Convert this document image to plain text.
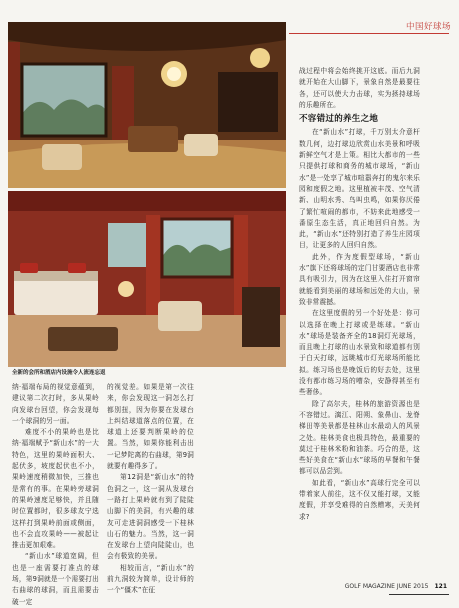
中国好球场
全新的会所和酒店内设施令人流连忘返

纳·福端布局的视觉意蕴到，建议第二次打时，多从果岭向发球台回望，你会发现每一个球洞的另一面。

难度不小的果岭也是比纳·福端赋予“新山水”的一大特色，这里的果岭面积大、起伏多，坡度起伏也不小，果岭速度稍微加快，三推也是常有的事。在果岭旁球洞的果岭速度足够快，并且随时位置都时，很多球友宁选这样打到果岭前面或侧面，也不会直攻果岭——被起让推击更加艰难。

“新山水”球道宽阔，但也是一座需要打准点的球场，第9洞就是一个需要打出右曲球的球洞，而且需要击破一定

的视觉差。如果是第一次往来，你会发现这一洞怎么打都别扭，因为你要在发球台上纠结球道落点的位置，在球道上还要判断果岭的位置。当然，如果你能利击出一记梦陀离的右曲球，第9洞就要有趣得多了。

第12洞是“新山水”的特色洞之一，这一洞从发球台一路打上果岭就有到了陡陡山脚下的美洞，有兴趣的球友可走进洞洞感受一下桂林山石的魅力。当然，这一洞在发球台上望向陡陡山，也会有极致的美景。

相较而言，“新山水”的前九洞较为简单，设计师的一个“僵术”在征

战过程中将会始终挑开这底。而后九洞就开始在大山脚下，景象自然是最要往各，还可以使大力击球，实为拯持球场的乐趣所在。

不容错过的养生之地

在“新山水”打球，千万别太介意杆数几何，边打球边欣赏山水美景和呼吸新鲜空气才是上策。相比大都市的一些只提供打球和商务的城市球场，“新山水”是一处享了城市喧嚣奔打的鬼尔来乐园和度假之地。这里植被丰茂、空气清新、山明水秀、鸟叫虫鸣，如果你厌倦了繁忙喧闹的都市，不妨来此地感受一番原生态生活，真正地回归自然。为此，“新山水”还特别打造了养生庄园项目，让更多的人回归自然。

此外，作为度假型球场，“新山水”旗下还将球场的定门甘要酒店也非常具有吸引力，因为在这里入住打开窗帘就能看到美丽的球场和远处的大山，景致非常震撼。

在这里度假的另一个好处是：你可以选择在晚上打球或是练球。“新山水”球场是装备齐全的18洞灯光球场，而且晚上打球的山水景致和球道都有别于白天打球，远眺城市灯光球场所能比拟。练习场也是晚饭后的好去处，这里没有都市练习场的嘈杂，安静得甚至有些奢侈。

除了高尔夫，桂林的旅游资源也是不容错过。漓江、阳朔、象鼻山、龙脊梯田等美景都是桂林山水最动人的风景之处。桂林美食也极具特色，最重要的莫过于桂林米粉和油茶。巧合的是，这些好美食在“新山水”球场的早餐和午餐都可以品尝到。

如此看，“新山水”高球行完全可以带着家人前往，这不仅又能打球，又能度假，并享受难得的自然赠寒，天美何求?

GOLF MAGAZINE JUNE 2015 121
